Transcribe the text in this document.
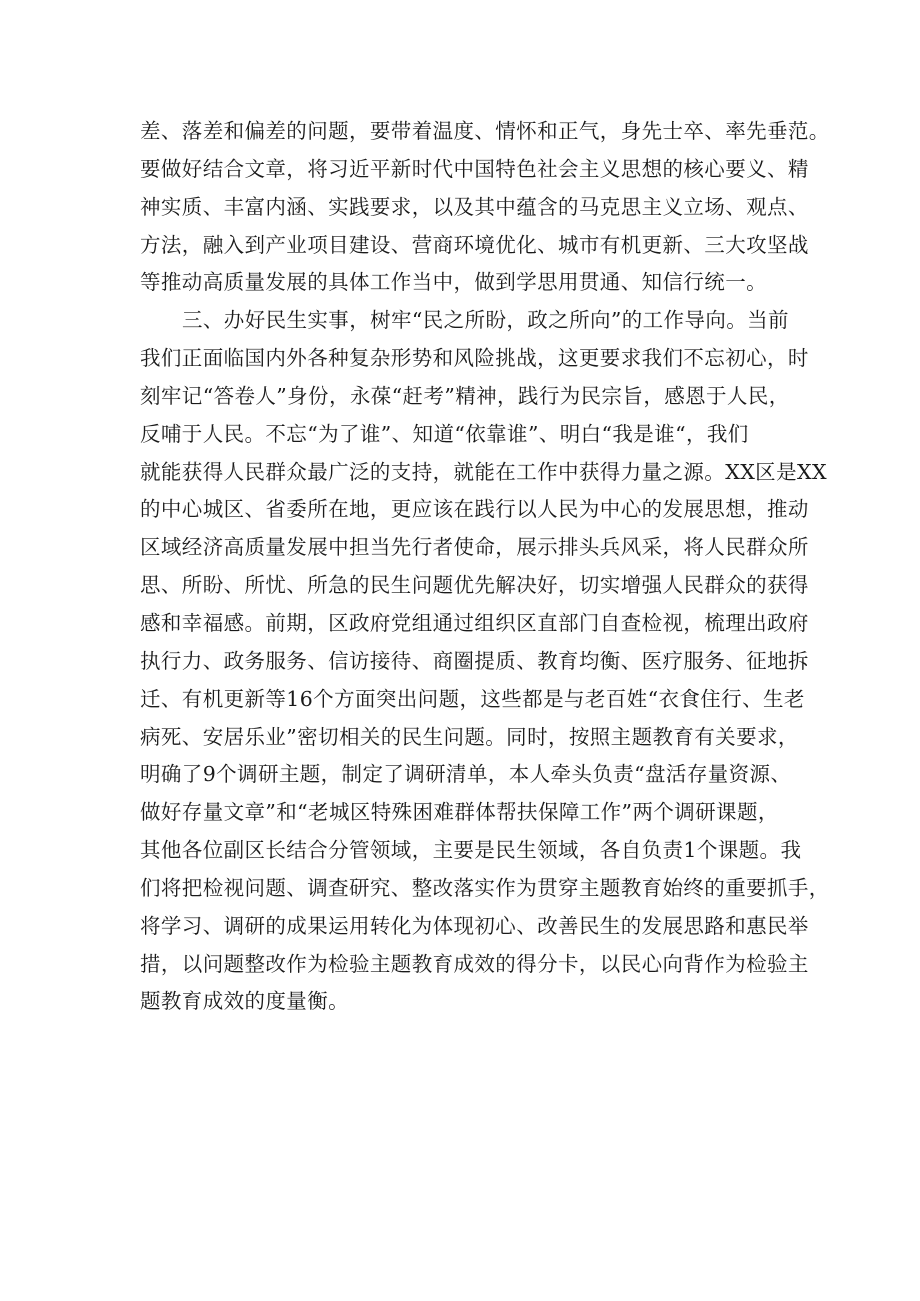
差、落差和偏差的问题，要带着温度、情怀和正气，身先士卒、率先垂范。
要做好结合文章，将习近平新时代中国特色社会主义思想的核心要义、精
神实质、丰富内涵、实践要求，以及其中蕴含的马克思主义立场、观点、
方法，融入到产业项目建设、营商环境优化、城市有机更新、三大攻坚战
等推动高质量发展的具体工作当中，做到学思用贯通、知信行统一。
三、办好民生实事，树牢“民之所盼，政之所向”的工作导向。当前
我们正面临国内外各种复杂形势和风险挑战，这更要求我们不忘初心，时
刻牢记“答卷人”身份，永葆“赶考”精神，践行为民宗旨，感恩于人民，
反哺于人民。不忘“为了谁”、知道“依靠谁”、明白“我是谁“，我们
就能获得人民群众最广泛的支持，就能在工作中获得力量之源。XX区是XX
的中心城区、省委所在地，更应该在践行以人民为中心的发展思想，推动
区域经济高质量发展中担当先行者使命，展示排头兵风采，将人民群众所
思、所盼、所忧、所急的民生问题优先解决好，切实增强人民群众的获得
感和幸福感。前期，区政府党组通过组织区直部门自查检视，梳理出政府
执行力、政务服务、信访接待、商圈提质、教育均衡、医疗服务、征地拆
迁、有机更新等16个方面突出问题，这些都是与老百姓“衣食住行、生老
病死、安居乐业”密切相关的民生问题。同时，按照主题教育有关要求，
明确了9个调研主题，制定了调研清单，本人牵头负责“盘活存量资源、
做好存量文章”和“老城区特殊困难群体帮扶保障工作”两个调研课题，
其他各位副区长结合分管领域，主要是民生领域，各自负责1个课题。我
们将把检视问题、调查研究、整改落实作为贯穿主题教育始终的重要抓手，
将学习、调研的成果运用转化为体现初心、改善民生的发展思路和惠民举
措，以问题整改作为检验主题教育成效的得分卡，以民心向背作为检验主
题教育成效的度量衡。
